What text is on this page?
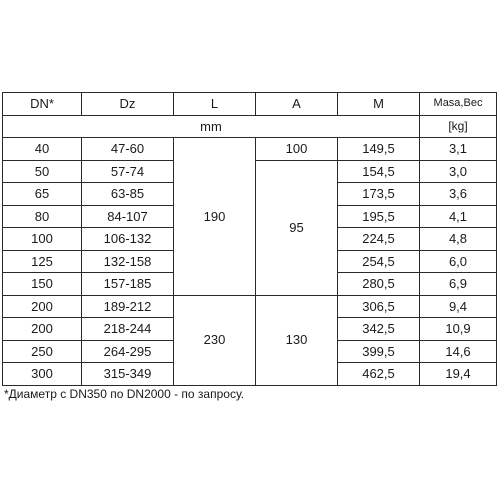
DN*	Dz	L	A	M	Masa,Bec
mm					[kg]
40	47-60	190	100	149,5	3,1
50	57-74		95	154,5	3,0
65	63-85			173,5	3,6
80	84-107			195,5	4,1
100	106-132			224,5	4,8
125	132-158			254,5	6,0
150	157-185			280,5	6,9
200	189-212	230	130	306,5	9,4
200	218-244			342,5	10,9
250	264-295			399,5	14,6
300	315-349			462,5	19,4
*Диаметр с DN350 по DN2000 - по запросу.
